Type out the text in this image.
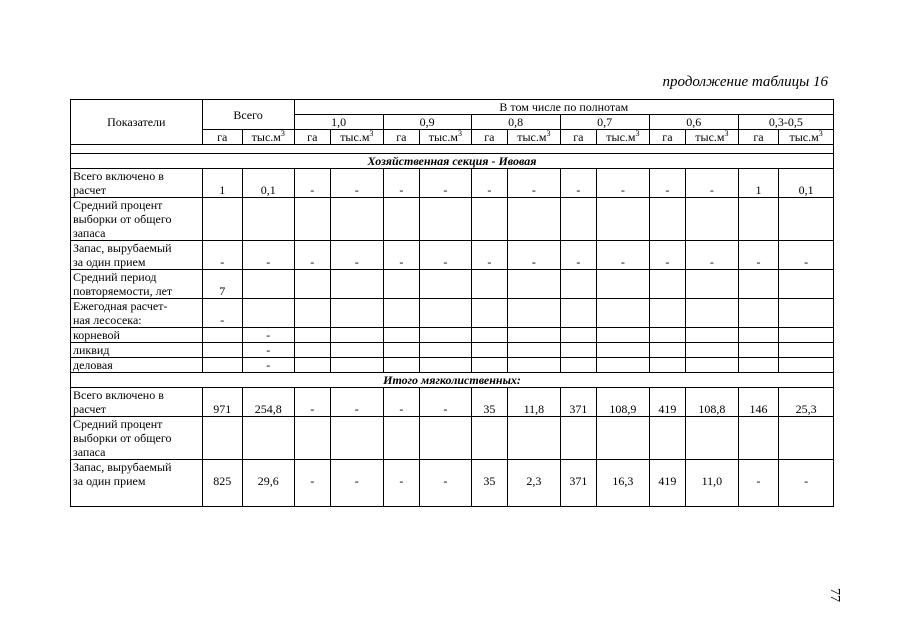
продолжение таблицы 16
Показатели	Всего		В том числе по полнотам											
			1,0		0,9		0,8		0,7		0,6		0,3-0,5	
	га	$тыс.м^3$	га	$тыс.м^3$	га	$тыс.м^3$	га	$тыс.м^3$	га	$тыс.м^3$	га	$тыс.м^3$	га	$тыс.м^3$

Хозяйственная секция - Ивовая														

Всего включено в
расчет	1	0,1	-	-	-	-	-	-	-	-	-	-	1	0,1

Средний процент
выборки от общего
запаса														

Запас, вырубаемый
за один прием	-	-	-	-	-	-	-	-	-	-	-	-	-	-

Средний период
повторяемости, лет	7													

Ежегодная расчет-
ная лесосека:	-													

корневой		-												

ликвид		-												

деловая		-												
Итого мягколиственных:														

Всего включено в
расчет	971	254,8	-	-	-	-	35	11,8	371	108,9	419	108,8	146	25,3

Средний процент
выборки от общего
запаса														

Запас, вырубаемый
за один прием	825	29,6	-	-	-	-	35	2,3	371	16,3	419	11,0	-	-
77
